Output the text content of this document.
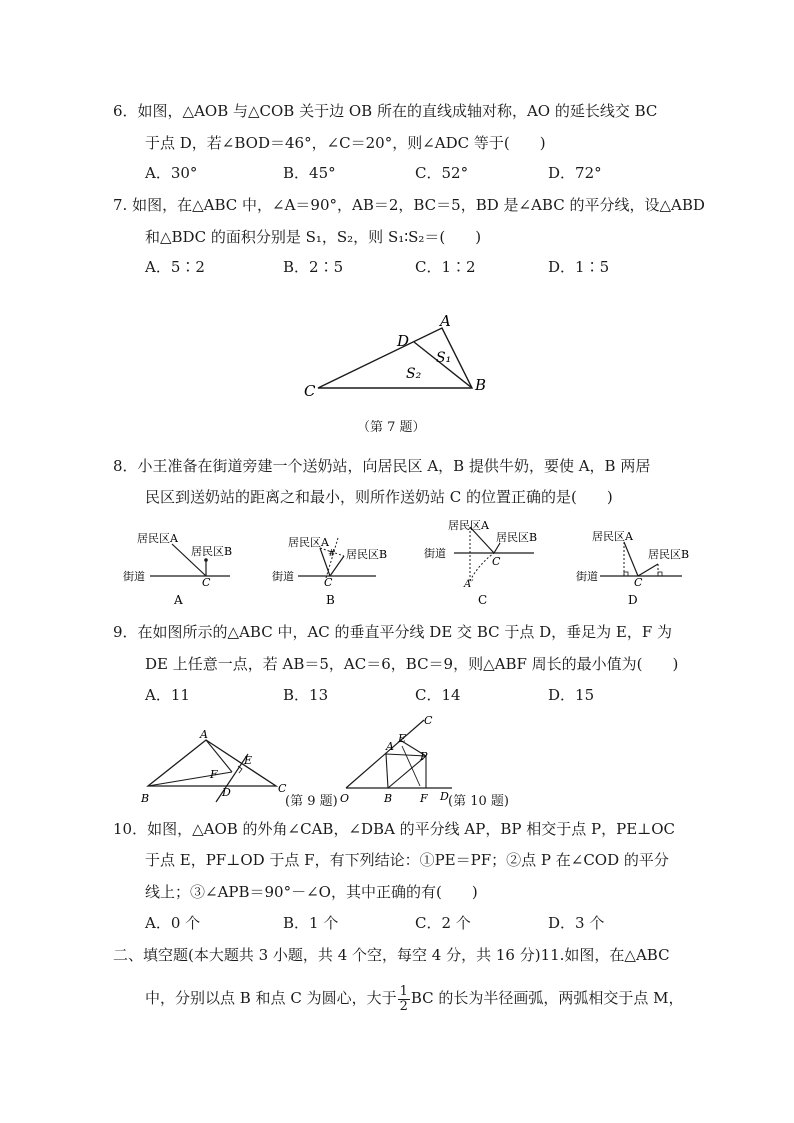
6．如图，△AOB 与△COB 关于边 OB 所在的直线成轴对称，AO 的延长线交 BC
于点 D，若∠BOD＝46°，∠C＝20°，则∠ADC 等于(　　)
A．30°	B．45°	C．52°	D．72°
7. 如图，在△ABC 中，∠A＝90°，AB＝2，BC＝5，BD 是∠ABC 的平分线，设△ABD
和△BDC 的面积分别是 S₁，S₂，则 S₁∶S₂＝(　　)
A．5∶2	B．2∶5	C．1∶2	D．1∶5
C
A
D
B
S₁
S₂
（第 7 题）
8．小王准备在街道旁建一个送奶站，向居民区 A，B 提供牛奶，要使 A，B 两居
民区到送奶站的距离之和最小，则所作送奶站 C 的位置正确的是(　　)
居民区A
居民区B
街道	C
A
#
居民区A
居民区B
街道	C
B
居民区A
居民区B
街道
C
A′
C
居民区A
居民区B
街道	C
D
9．在如图所示的△ABC 中，AC 的垂直平分线 DE 交 BC 于点 D，垂足为 E，F 为
DE 上任意一点，若 AB＝5，AC＝6，BC＝9，则△ABF 周长的最小值为(　　)
A．11	B．13	C．14	D．15
A
B
C
D
E
F
(第 9 题)
C
A
E
P
O	B	F D (第 10 题)
10．如图，△AOB 的外角∠CAB，∠DBA 的平分线 AP，BP 相交于点 P，PE⊥OC
于点 E，PF⊥OD 于点 F，有下列结论：①PE＝PF；②点 P 在∠COD 的平分
线上；③∠APB＝90°－∠O，其中正确的有(　　)
A．0 个	B．1 个	C．2 个	D．3 个
二、填空题(本大题共 3 小题，共 4 个空，每空 4 分，共 16 分)11.如图，在△ABC
中，分别以点 B 和点 C 为圆心，大于 $\frac{1}{2}$ BC 的长为半径画弧，两弧相交于点 M，
